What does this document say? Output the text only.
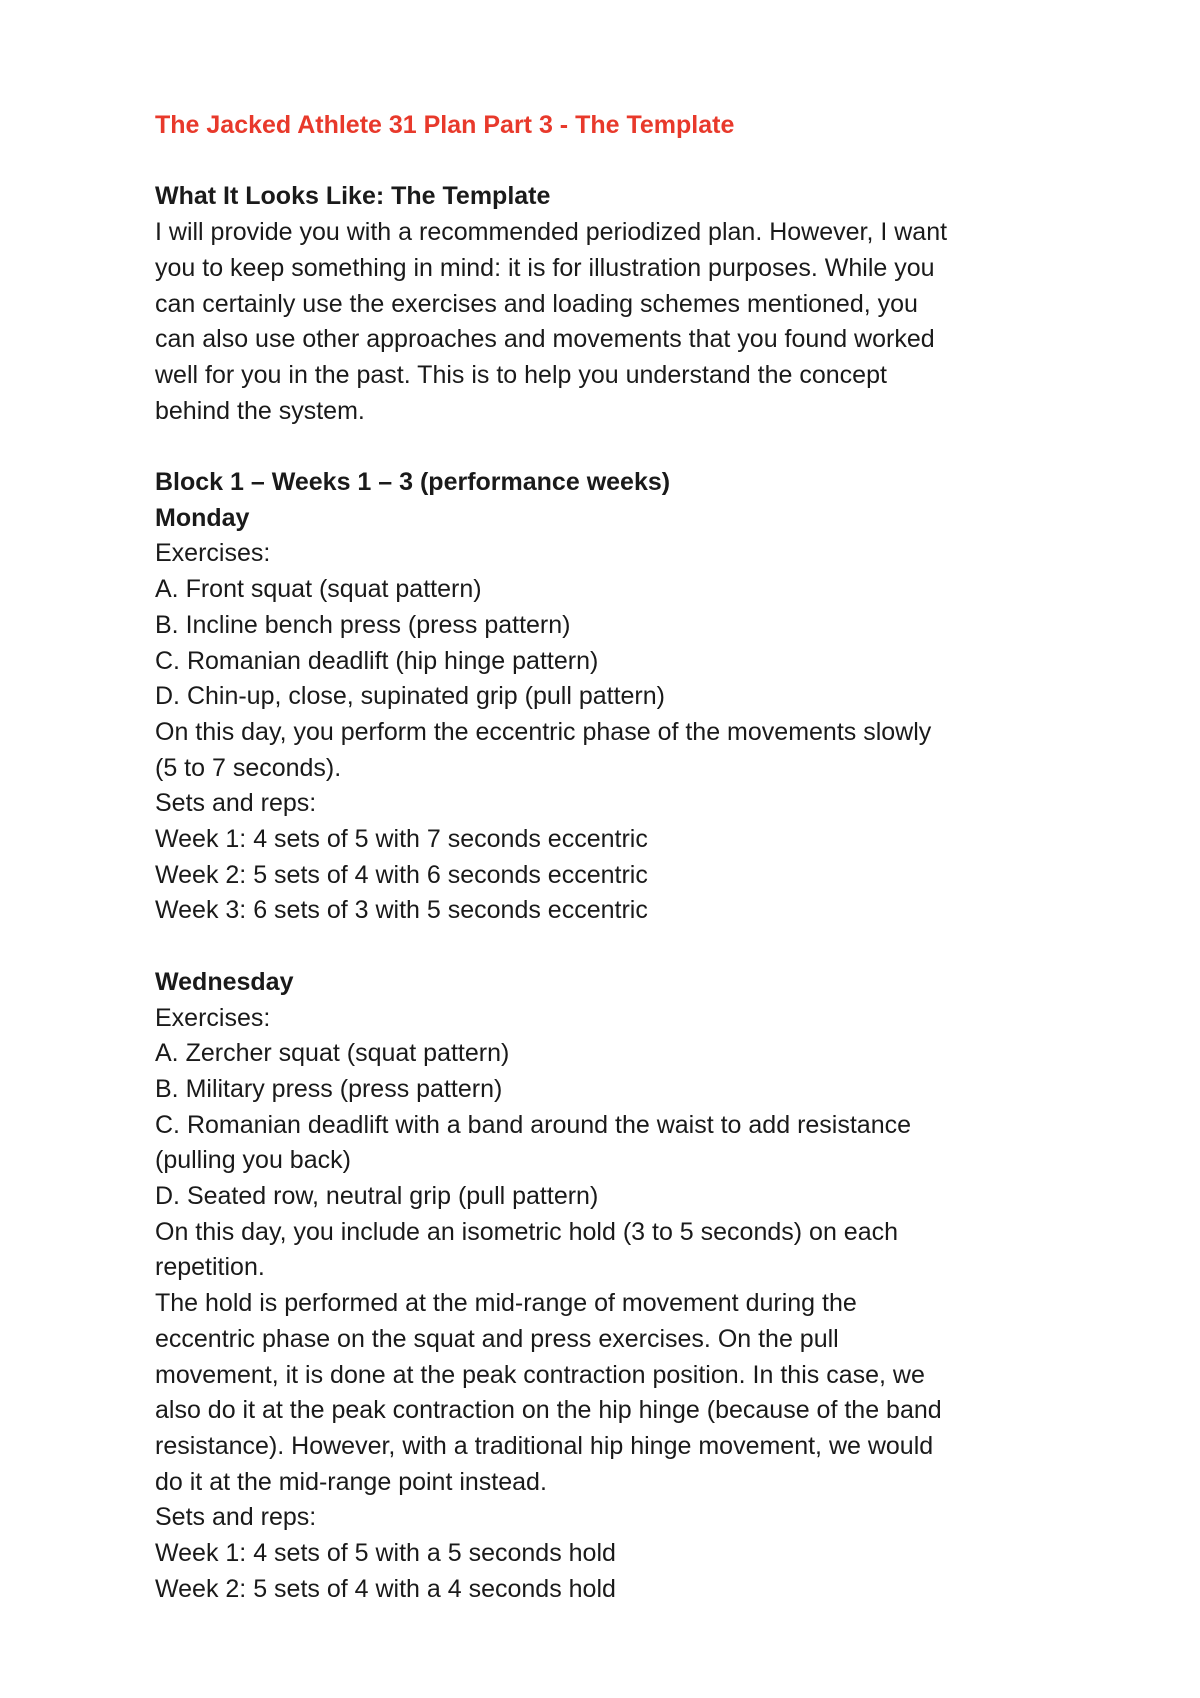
The Jacked Athlete 31 Plan Part 3 - The Template
What It Looks Like: The Template
I will provide you with a recommended periodized plan. However, I want
you to keep something in mind: it is for illustration purposes. While you
can certainly use the exercises and loading schemes mentioned, you
can also use other approaches and movements that you found worked
well for you in the past. This is to help you understand the concept
behind the system.
Block 1 – Weeks 1 – 3 (performance weeks)
Monday
Exercises:
A. Front squat (squat pattern)
B. Incline bench press (press pattern)
C. Romanian deadlift (hip hinge pattern)
D. Chin-up, close, supinated grip (pull pattern)
On this day, you perform the eccentric phase of the movements slowly
(5 to 7 seconds).
Sets and reps:
Week 1: 4 sets of 5 with 7 seconds eccentric
Week 2: 5 sets of 4 with 6 seconds eccentric
Week 3: 6 sets of 3 with 5 seconds eccentric
Wednesday
Exercises:
A. Zercher squat (squat pattern)
B. Military press (press pattern)
C. Romanian deadlift with a band around the waist to add resistance
(pulling you back)
D. Seated row, neutral grip (pull pattern)
On this day, you include an isometric hold (3 to 5 seconds) on each
repetition.
The hold is performed at the mid-range of movement during the
eccentric phase on the squat and press exercises. On the pull
movement, it is done at the peak contraction position. In this case, we
also do it at the peak contraction on the hip hinge (because of the band
resistance). However, with a traditional hip hinge movement, we would
do it at the mid-range point instead.
Sets and reps:
Week 1: 4 sets of 5 with a 5 seconds hold
Week 2: 5 sets of 4 with a 4 seconds hold
